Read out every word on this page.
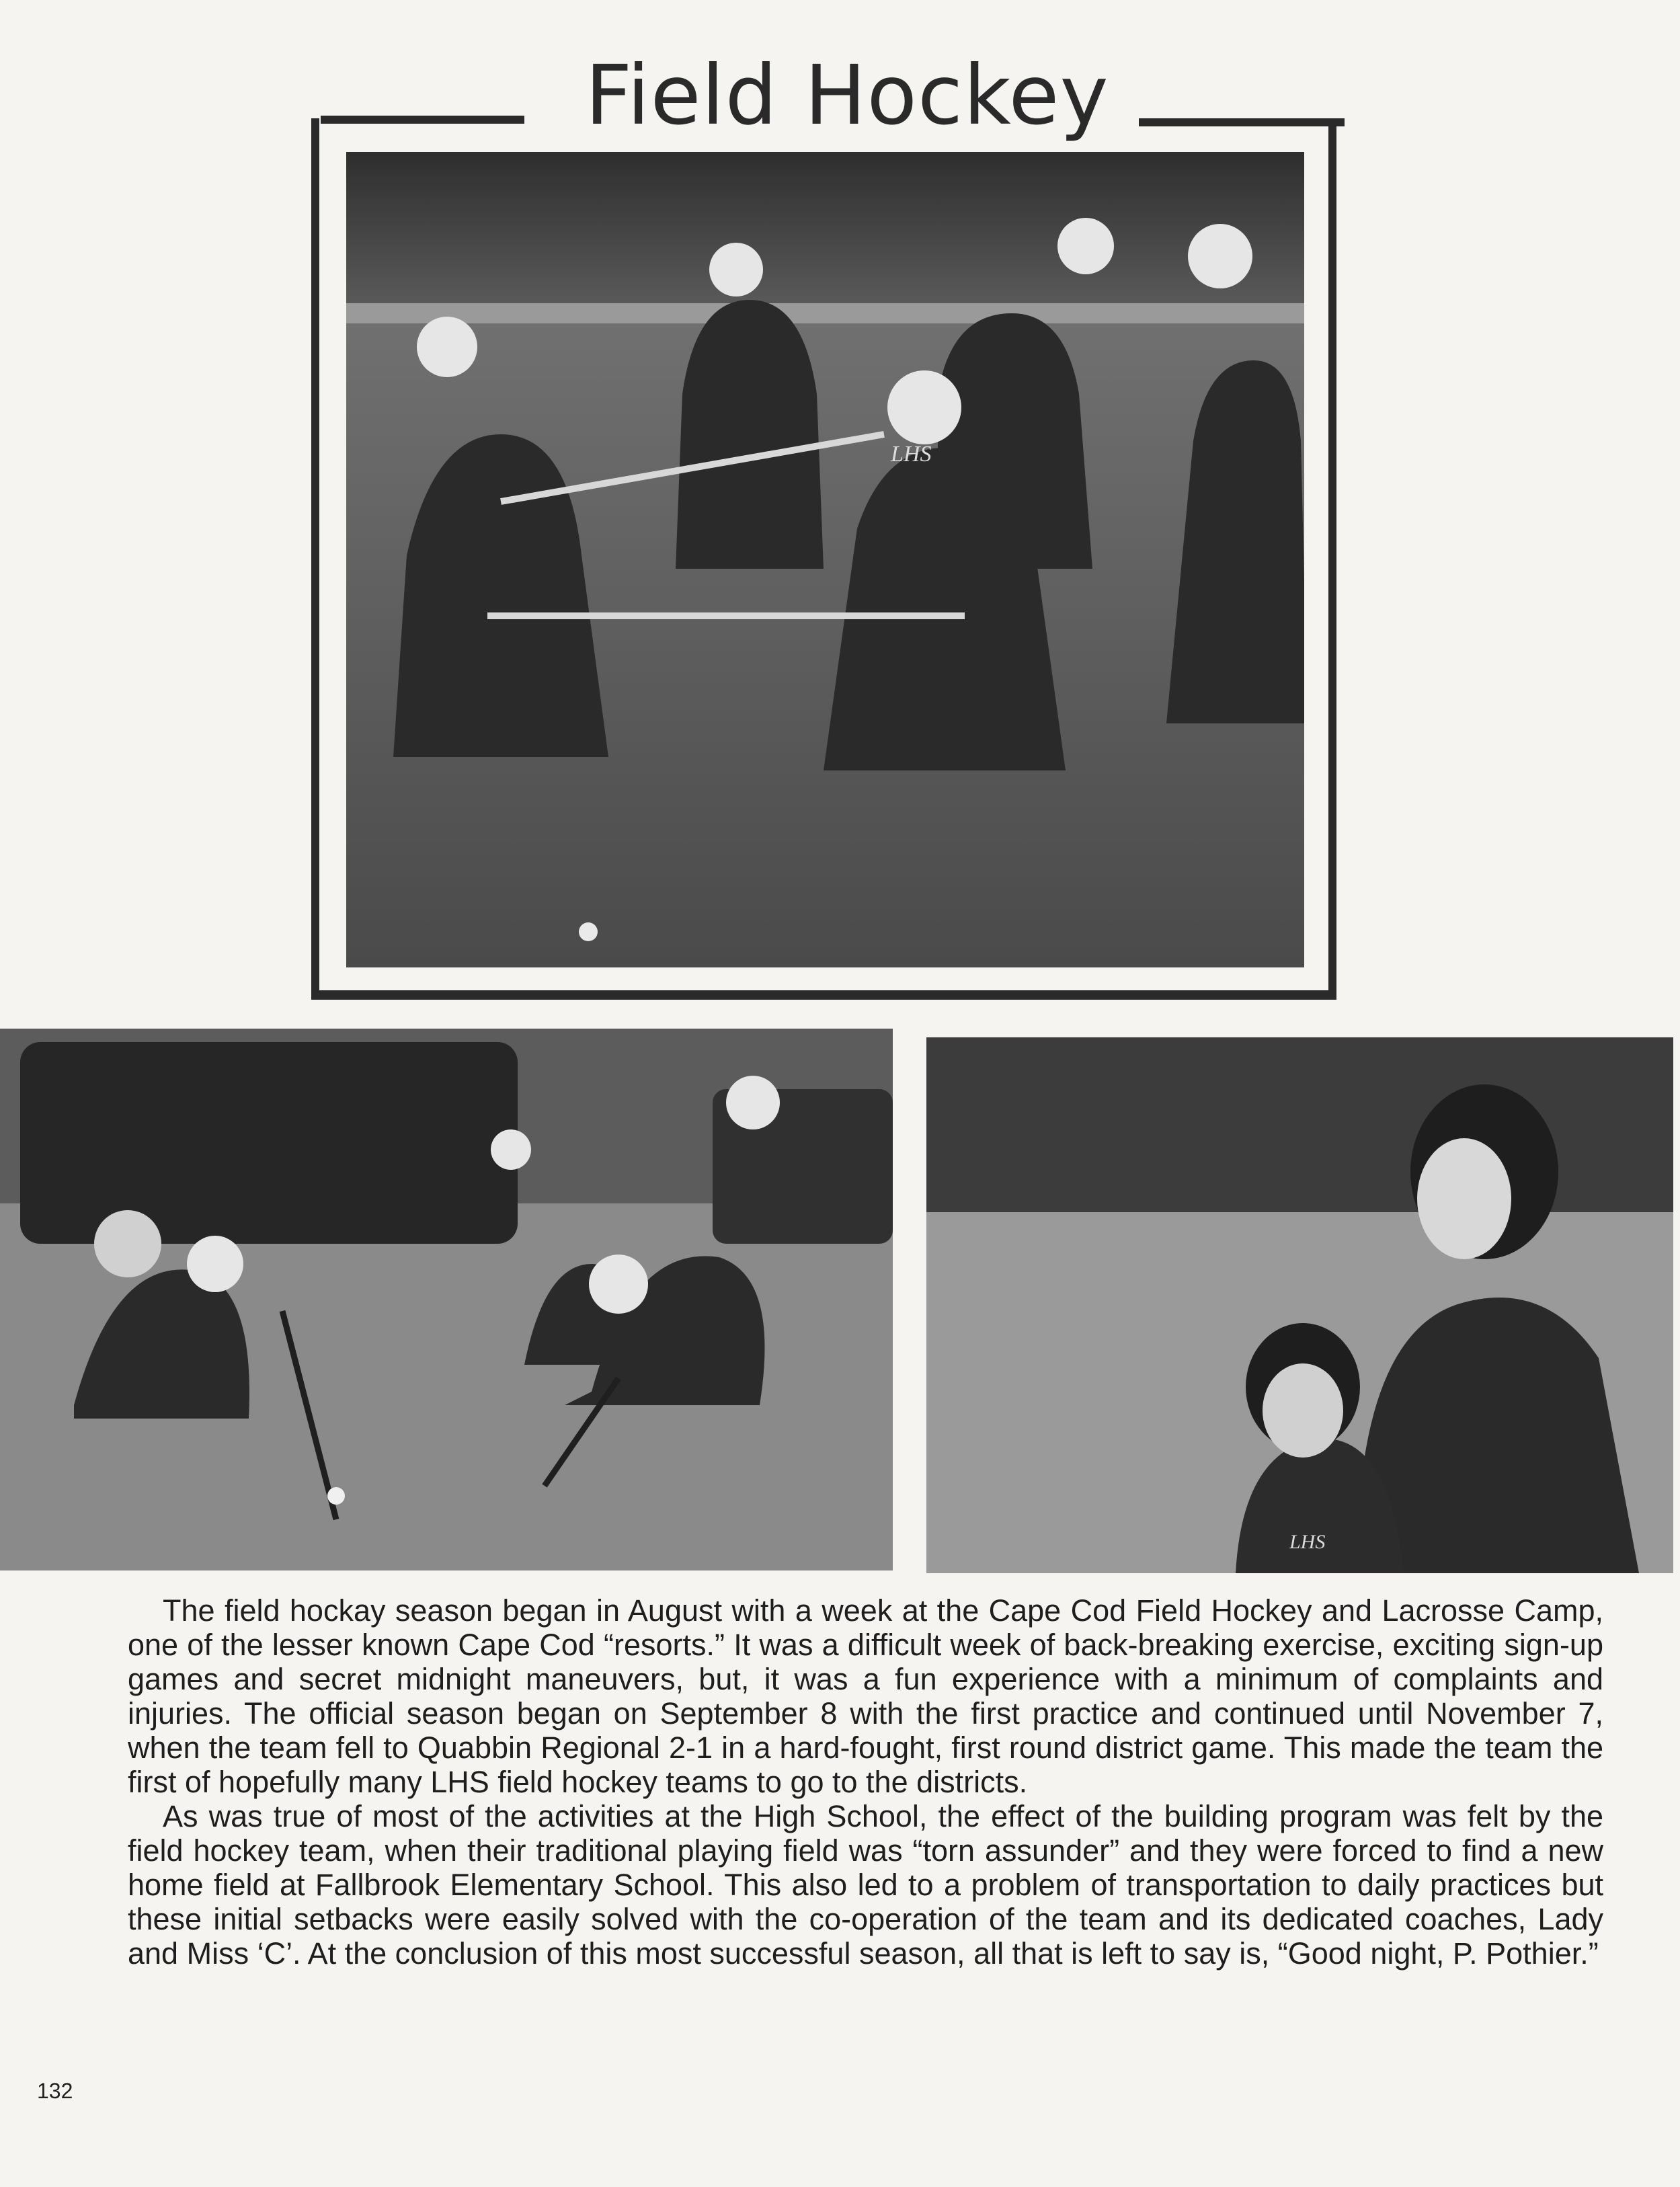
Field Hockey
LHS
LHS

The field hockay season began in August with a week at the Cape Cod Field Hockey and Lacrosse Camp, one of the lesser known Cape Cod “resorts.” It was a difficult week of back-breaking exercise, exciting sign-up games and secret midnight maneuvers, but, it was a fun experience with a minimum of complaints and injuries. The official season began on September 8 with the first practice and continued until November 7, when the team fell to Quabbin Regional 2-1 in a hard-fought, first round district game. This made the team the first of hopefully many LHS field hockey teams to go to the districts.

As was true of most of the activities at the High School, the effect of the building program was felt by the field hockey team, when their traditional playing field was “torn assunder” and they were forced to find a new home field at Fallbrook Elementary School. This also led to a problem of transportation to daily practices but these initial setbacks were easily solved with the co-operation of the team and its dedicated coaches, Lady and Miss ‘C’. At the conclusion of this most successful season, all that is left to say is, “Good night, P. Pothier.”

132
